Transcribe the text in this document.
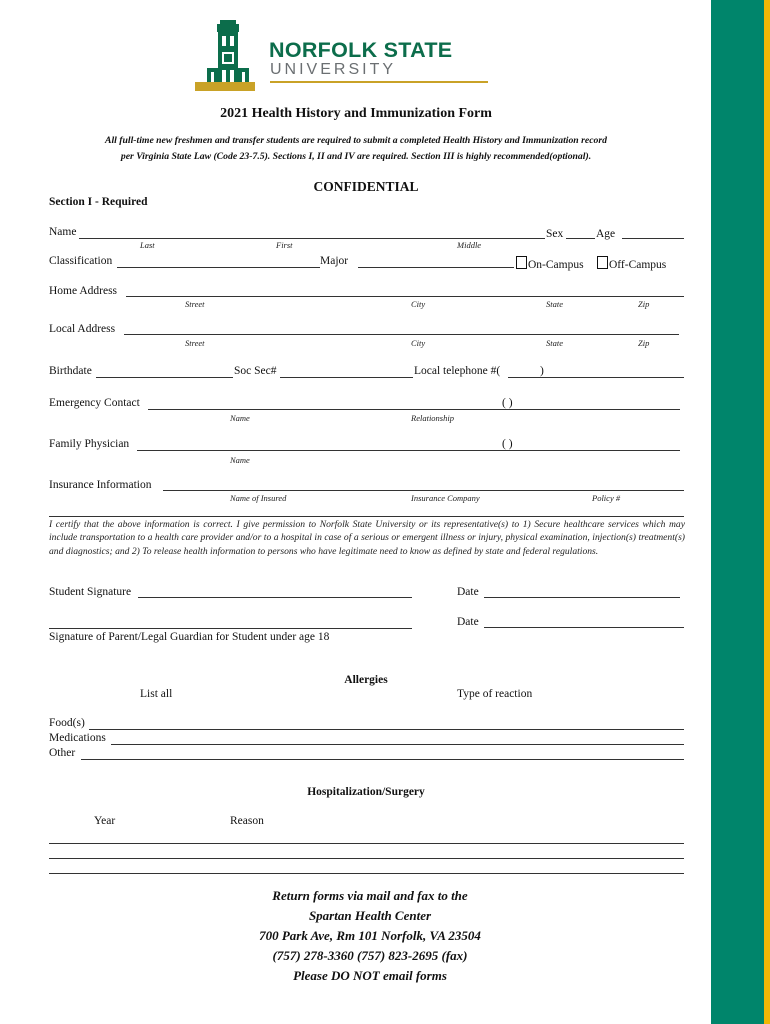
NORFOLK STATE
UNIVERSITY
2021 Health History and Immunization Form
All full-time new freshmen and transfer students are required to submit a completed Health History and Immunization record
per Virginia State Law (Code 23-7.5). Sections I, II and IV are required. Section III is highly recommended(optional).
CONFIDENTIAL
Section I - Required
Name	Sex	Age
Last	First	Middle
Classification	Major	On-Campus	Off-Campus
Home Address
Street	City	State	Zip
Local Address
Street	City	State	Zip
Birthdate	Soc Sec#	Local telephone #(	)
Emergency Contact	( )
Name	Relationship
Family Physician	( )
Name
Insurance Information
Name of Insured	Insurance Company	Policy #
I certify that the above information is correct. I give permission to Norfolk State University or its representative(s) to 1) Secure healthcare services which may include transportation to a health care provider and/or to a hospital in case of a serious or emergent illness or injury, physical examination, injection(s) treatment(s) and diagnostics; and 2) To release health information to persons who have legitimate need to know as defined by state and federal regulations.
Student Signature	Date
Date
Signature of Parent/Legal Guardian for Student under age 18
Allergies
List all	Type of reaction
Food(s)
Medications
Other
Hospitalization/Surgery
Year	Reason
Return forms via mail and fax to the
Spartan Health Center
700 Park Ave, Rm 101 Norfolk, VA 23504
(757) 278-3360 (757) 823-2695 (fax)
Please DO NOT email forms
